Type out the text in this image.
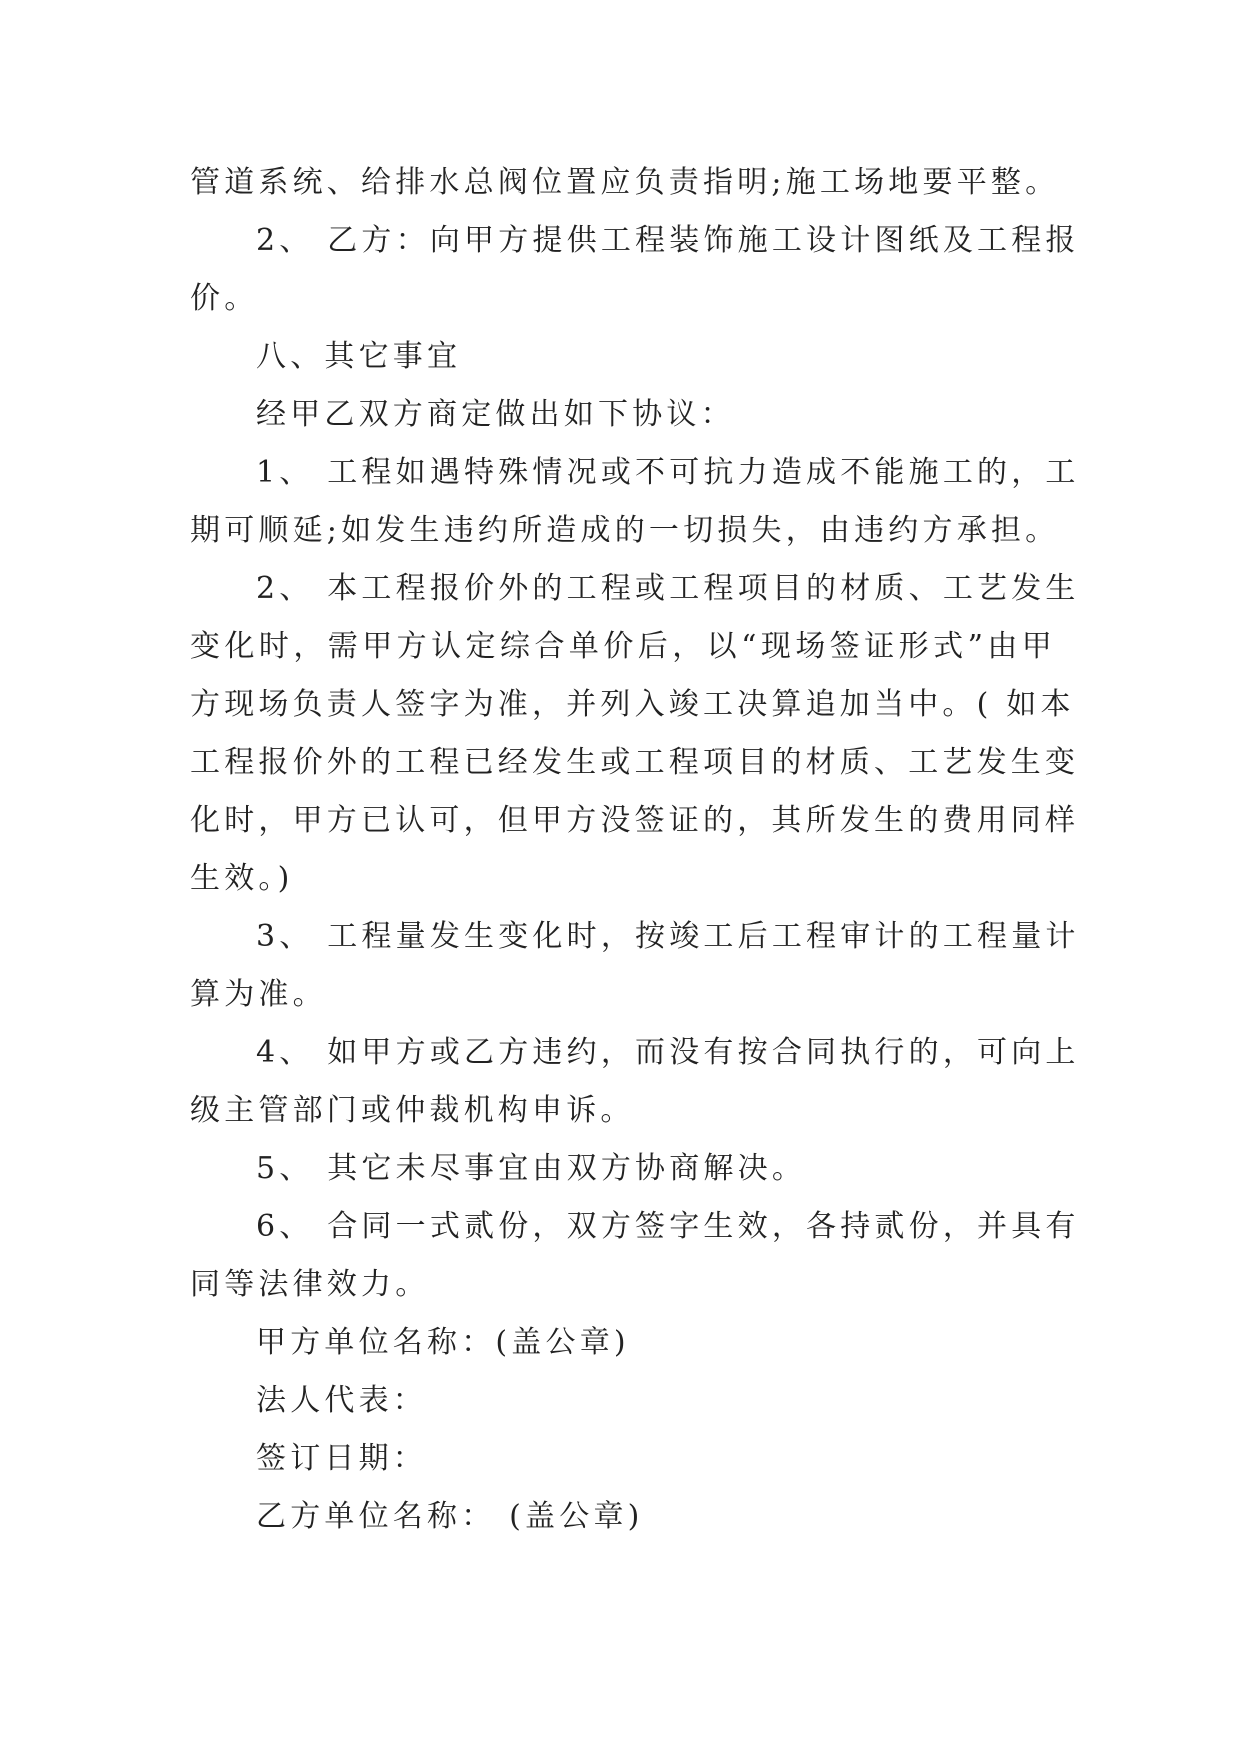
管道系统、给排水总阀位置应负责指明;施工场地要平整。
2、 乙方：向甲方提供工程装饰施工设计图纸及工程报
价。
八、其它事宜
经甲乙双方商定做出如下协议：
1、 工程如遇特殊情况或不可抗力造成不能施工的，工
期可顺延;如发生违约所造成的一切损失，由违约方承担。
2、 本工程报价外的工程或工程项目的材质、工艺发生
变化时，需甲方认定综合单价后，以“现场签证形式”由甲
方现场负责人签字为准，并列入竣工决算追加当中。( 如本
工程报价外的工程已经发生或工程项目的材质、工艺发生变
化时，甲方已认可，但甲方没签证的，其所发生的费用同样
生效。)
3、 工程量发生变化时，按竣工后工程审计的工程量计
算为准。
4、 如甲方或乙方违约，而没有按合同执行的，可向上
级主管部门或仲裁机构申诉。
5、 其它未尽事宜由双方协商解决。
6、 合同一式贰份，双方签字生效，各持贰份，并具有
同等法律效力。
甲方单位名称：(盖公章)
法人代表：
签订日期：
乙方单位名称： (盖公章)
